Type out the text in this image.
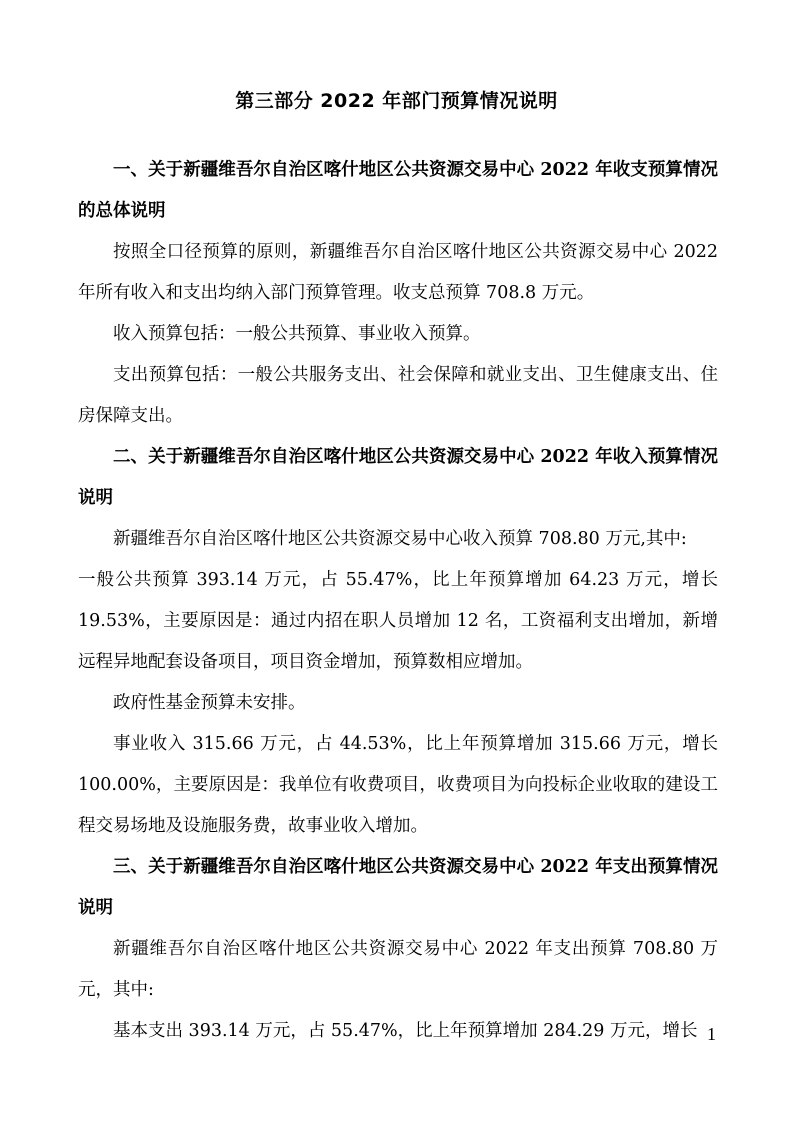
第三部分 2022 年部门预算情况说明

一、关于新疆维吾尔自治区喀什地区公共资源交易中心 2022 年收支预算情况的总体说明

按照全口径预算的原则，新疆维吾尔自治区喀什地区公共资源交易中心 2022 年所有收入和支出均纳入部门预算管理。收支总预算 708.8 万元。

收入预算包括：一般公共预算、事业收入预算。

支出预算包括：一般公共服务支出、社会保障和就业支出、卫生健康支出、住房保障支出。

二、关于新疆维吾尔自治区喀什地区公共资源交易中心 2022 年收入预算情况说明

新疆维吾尔自治区喀什地区公共资源交易中心收入预算 708.80 万元,其中:

一般公共预算 393.14 万元，占 55.47%，比上年预算增加 64.23 万元，增长 19.53%，主要原因是：通过内招在职人员增加 12 名，工资福利支出增加，新增远程异地配套设备项目，项目资金增加，预算数相应增加。

政府性基金预算未安排。

事业收入 315.66 万元，占 44.53%，比上年预算增加 315.66 万元，增长 100.00%，主要原因是：我单位有收费项目，收费项目为向投标企业收取的建设工程交易场地及设施服务费，故事业收入增加。

三、关于新疆维吾尔自治区喀什地区公共资源交易中心 2022 年支出预算情况说明

新疆维吾尔自治区喀什地区公共资源交易中心 2022 年支出预算 708.80 万元，其中:

基本支出 393.14 万元，占 55.47%，比上年预算增加 284.29 万元，增长 1
